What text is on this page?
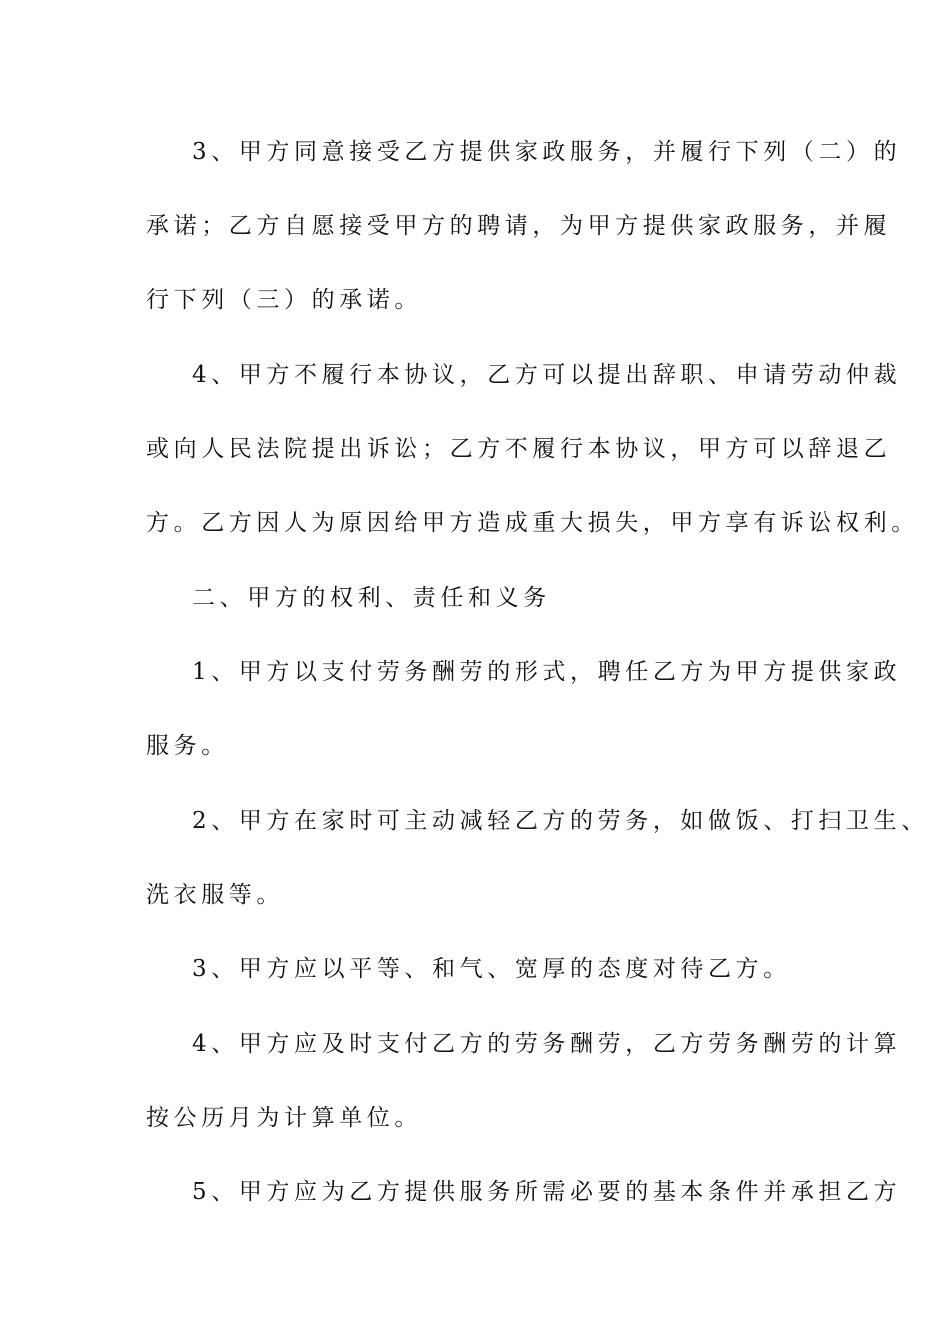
3、甲方同意接受乙方提供家政服务，并履行下列（二）的
承诺；乙方自愿接受甲方的聘请，为甲方提供家政服务，并履
行下列（三）的承诺。
4、甲方不履行本协议，乙方可以提出辞职、申请劳动仲裁
或向人民法院提出诉讼；乙方不履行本协议，甲方可以辞退乙
方。乙方因人为原因给甲方造成重大损失，甲方享有诉讼权利。
二、甲方的权利、责任和义务
1、甲方以支付劳务酬劳的形式，聘任乙方为甲方提供家政
服务。
2、甲方在家时可主动减轻乙方的劳务，如做饭、打扫卫生、
洗衣服等。
3、甲方应以平等、和气、宽厚的态度对待乙方。
4、甲方应及时支付乙方的劳务酬劳，乙方劳务酬劳的计算
按公历月为计算单位。
5、甲方应为乙方提供服务所需必要的基本条件并承担乙方
